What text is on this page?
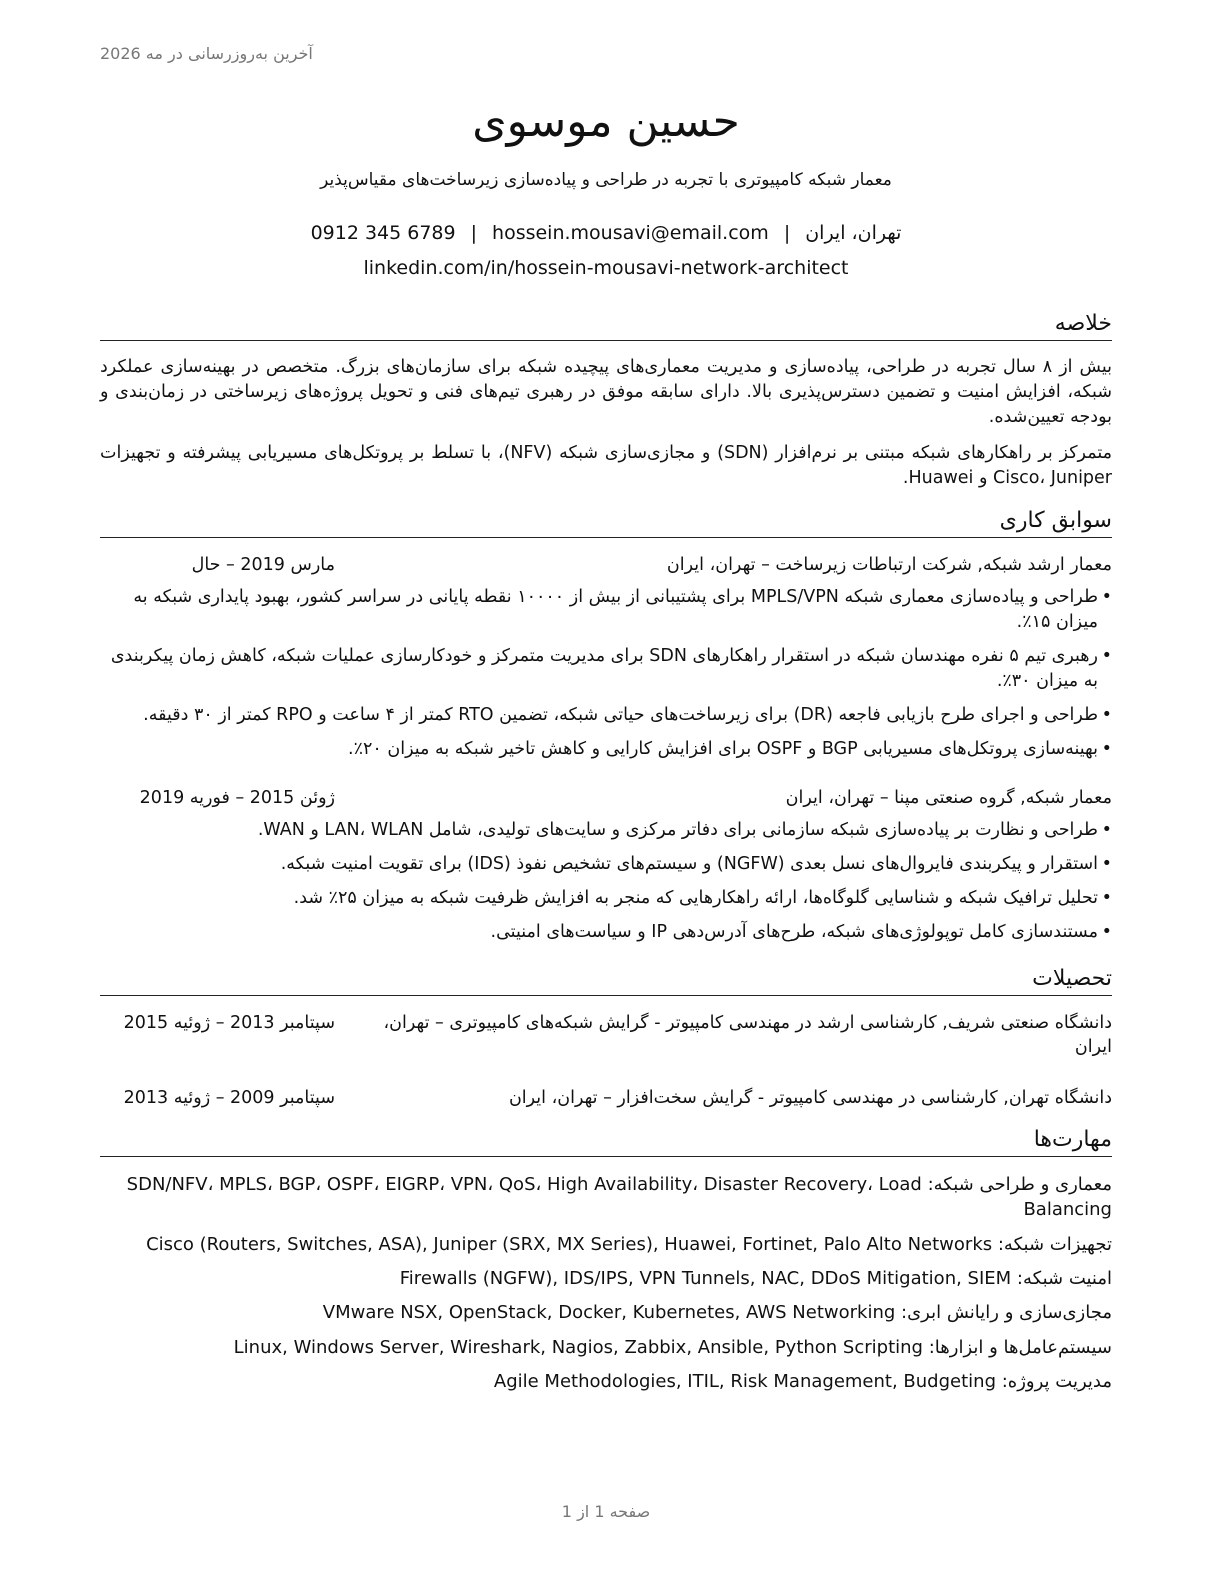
آخرین به‌روزرسانی در مه 2026
حسین موسوی
معمار شبکه کامپیوتری با تجربه در طراحی و پیاده‌سازی زیرساخت‌های مقیاس‌پذیر
تهران، ایران|hossein.mousavi@email.com|0912 345 6789
linkedin.com/in/hossein-mousavi-network-architect
خلاصه
بیش از ۸ سال تجربه در طراحی، پیاده‌سازی و مدیریت معماری‌های پیچیده شبکه برای سازمان‌های بزرگ. متخصص در بهینه‌سازی عملکرد شبکه، افزایش امنیت و تضمین دسترس‌پذیری بالا. دارای سابقه موفق در رهبری تیم‌های فنی و تحویل پروژه‌های زیرساختی در زمان‌بندی و بودجه تعیین‌شده.
متمرکز بر راهکارهای شبکه مبتنی بر نرم‌افزار (SDN) و مجازی‌سازی شبکه (NFV)، با تسلط بر پروتکل‌های مسیریابی پیشرفته و تجهیزات Cisco، Juniper و Huawei.
سوابق کاری
معمار ارشد شبکه, شرکت ارتباطات زیرساخت – تهران، ایران
مارس 2019 – حال
• طراحی و پیاده‌سازی معماری شبکه MPLS/VPN برای پشتیبانی از بیش از ۱۰۰۰۰ نقطه پایانی در سراسر کشور، بهبود پایداری شبکه به میزان ۱۵٪.
• رهبری تیم ۵ نفره مهندسان شبکه در استقرار راهکارهای SDN برای مدیریت متمرکز و خودکارسازی عملیات شبکه، کاهش زمان پیکربندی به میزان ۳۰٪.
• طراحی و اجرای طرح بازیابی فاجعه (DR) برای زیرساخت‌های حیاتی شبکه، تضمین RTO کمتر از ۴ ساعت و RPO کمتر از ۳۰ دقیقه.
• بهینه‌سازی پروتکل‌های مسیریابی BGP و OSPF برای افزایش کارایی و کاهش تاخیر شبکه به میزان ۲۰٪.
معمار شبکه, گروه صنعتی مپنا – تهران، ایران
ژوئن 2015 – فوریه 2019
• طراحی و نظارت بر پیاده‌سازی شبکه سازمانی برای دفاتر مرکزی و سایت‌های تولیدی، شامل LAN، WLAN و WAN.
• استقرار و پیکربندی فایروال‌های نسل بعدی (NGFW) و سیستم‌های تشخیص نفوذ (IDS) برای تقویت امنیت شبکه.
• تحلیل ترافیک شبکه و شناسایی گلوگاه‌ها، ارائه راهکارهایی که منجر به افزایش ظرفیت شبکه به میزان ۲۵٪ شد.
• مستندسازی کامل توپولوژی‌های شبکه، طرح‌های آدرس‌دهی IP و سیاست‌های امنیتی.
تحصیلات
دانشگاه صنعتی شریف, کارشناسی ارشد در مهندسی کامپیوتر - گرایش شبکه‌های کامپیوتری – تهران، ایران
سپتامبر 2013 – ژوئیه 2015
دانشگاه تهران, کارشناسی در مهندسی کامپیوتر - گرایش سخت‌افزار – تهران، ایران
سپتامبر 2009 – ژوئیه 2013
مهارت‌ها
معماری و طراحی شبکه: SDN/NFV، MPLS، BGP، OSPF، EIGRP، VPN، QoS، High Availability، Disaster Recovery، Load Balancing
تجهیزات شبکه: Cisco (Routers, Switches, ASA), Juniper (SRX, MX Series), Huawei, Fortinet, Palo Alto Networks
امنیت شبکه: Firewalls (NGFW), IDS/IPS, VPN Tunnels, NAC, DDoS Mitigation, SIEM
مجازی‌سازی و رایانش ابری: VMware NSX, OpenStack, Docker, Kubernetes, AWS Networking
سیستم‌عامل‌ها و ابزارها: Linux, Windows Server, Wireshark, Nagios, Zabbix, Ansible, Python Scripting
مدیریت پروژه: Agile Methodologies, ITIL, Risk Management, Budgeting
صفحه 1 از 1
